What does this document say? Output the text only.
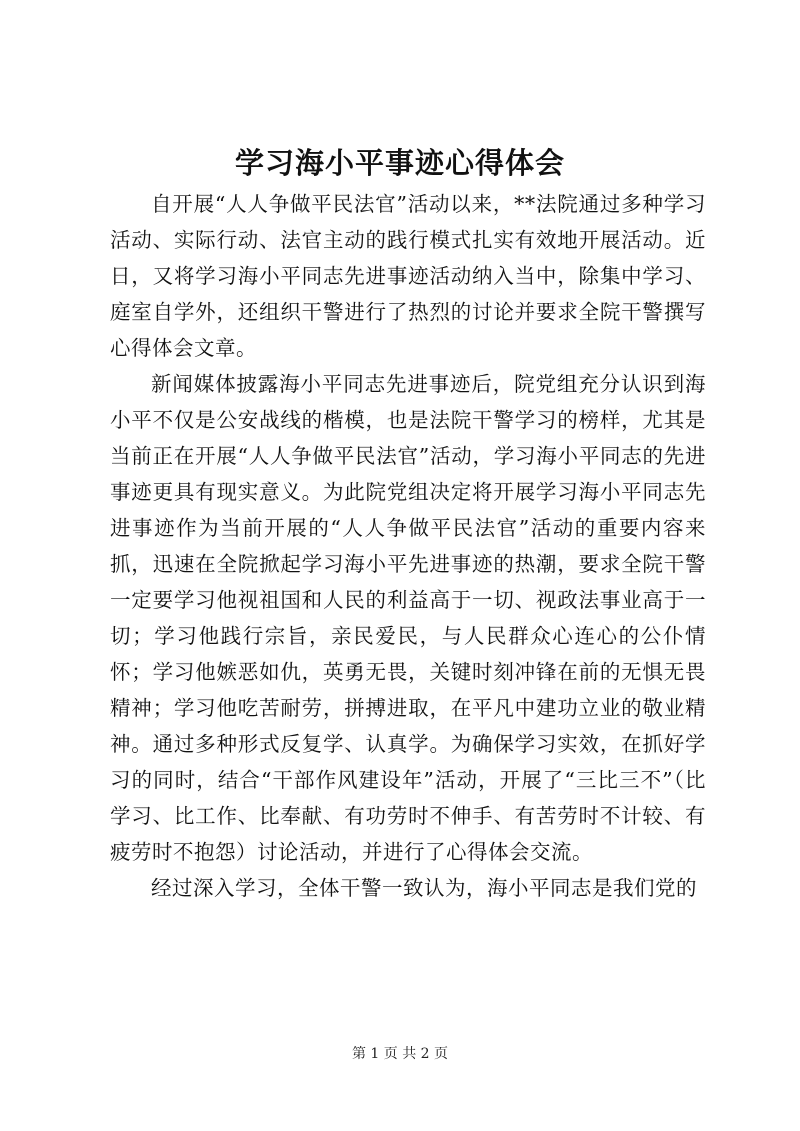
学习海小平事迹心得体会

自开展“人人争做平民法官”活动以来，**法院通过多种学习活动、实际行动、法官主动的践行模式扎实有效地开展活动。近日，又将学习海小平同志先进事迹活动纳入当中，除集中学习、庭室自学外，还组织干警进行了热烈的讨论并要求全院干警撰写心得体会文章。

新闻媒体披露海小平同志先进事迹后，院党组充分认识到海小平不仅是公安战线的楷模，也是法院干警学习的榜样，尤其是当前正在开展“人人争做平民法官”活动，学习海小平同志的先进事迹更具有现实意义。为此院党组决定将开展学习海小平同志先进事迹作为当前开展的“人人争做平民法官”活动的重要内容来抓，迅速在全院掀起学习海小平先进事迹的热潮，要求全院干警一定要学习他视祖国和人民的利益高于一切、视政法事业高于一切；学习他践行宗旨，亲民爱民，与人民群众心连心的公仆情怀；学习他嫉恶如仇，英勇无畏，关键时刻冲锋在前的无惧无畏精神；学习他吃苦耐劳，拼搏进取，在平凡中建功立业的敬业精神。通过多种形式反复学、认真学。为确保学习实效，在抓好学习的同时，结合“干部作风建设年”活动，开展了“三比三不”（比学习、比工作、比奉献、有功劳时不伸手、有苦劳时不计较、有疲劳时不抱怨）讨论活动，并进行了心得体会交流。

经过深入学习，全体干警一致认为，海小平同志是我们党的

第 1 页 共 2 页
